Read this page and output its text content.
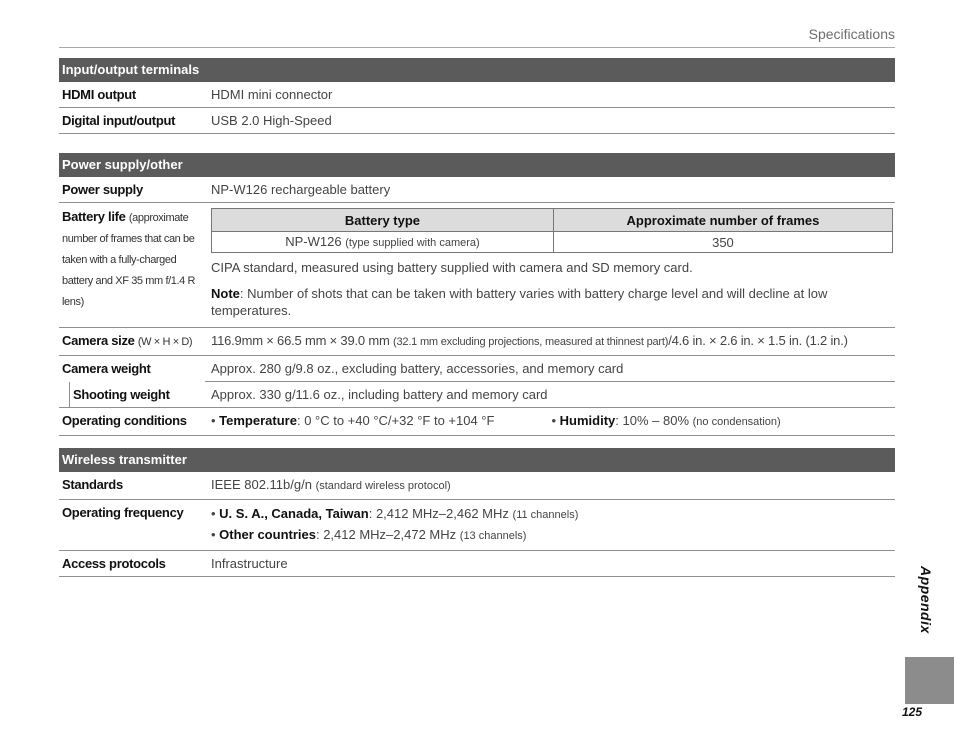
Specifications
Input/output terminals
HDMI output	HDMI mini connector
Digital input/output	USB 2.0 High-Speed
Power supply/other
Power supply	NP-W126 rechargeable battery
Battery life (approximate number of frames that can be taken with a fully-charged battery and XF 35 mm f/1.4 R lens)
Battery type	Approximate number of frames
NP-W126 (type supplied with camera)	350
CIPA standard, measured using battery supplied with camera and SD memory card.
Note: Number of shots that can be taken with battery varies with battery charge level and will decline at low temperatures.
Camera size (W × H × D)	116.9mm × 66.5 mm × 39.0 mm (32.1 mm excluding projections, measured at thinnest part)/4.6 in. × 2.6 in. × 1.5 in. (1.2 in.)
Camera weight	Approx. 280 g/9.8 oz., excluding battery, accessories, and memory card
Shooting weight	Approx. 330 g/11.6 oz., including battery and memory card
Operating conditions	• Temperature: 0 °C to +40 °C/+32 °F to +104 °F	• Humidity: 10% – 80% (no condensation)
Wireless transmitter
Standards	IEEE 802.11b/g/n (standard wireless protocol)
Operating frequency	• U. S. A., Canada, Taiwan: 2,412 MHz–2,462 MHz (11 channels)
• Other countries: 2,412 MHz–2,472 MHz (13 channels)
Access protocols	Infrastructure
Appendix
125
